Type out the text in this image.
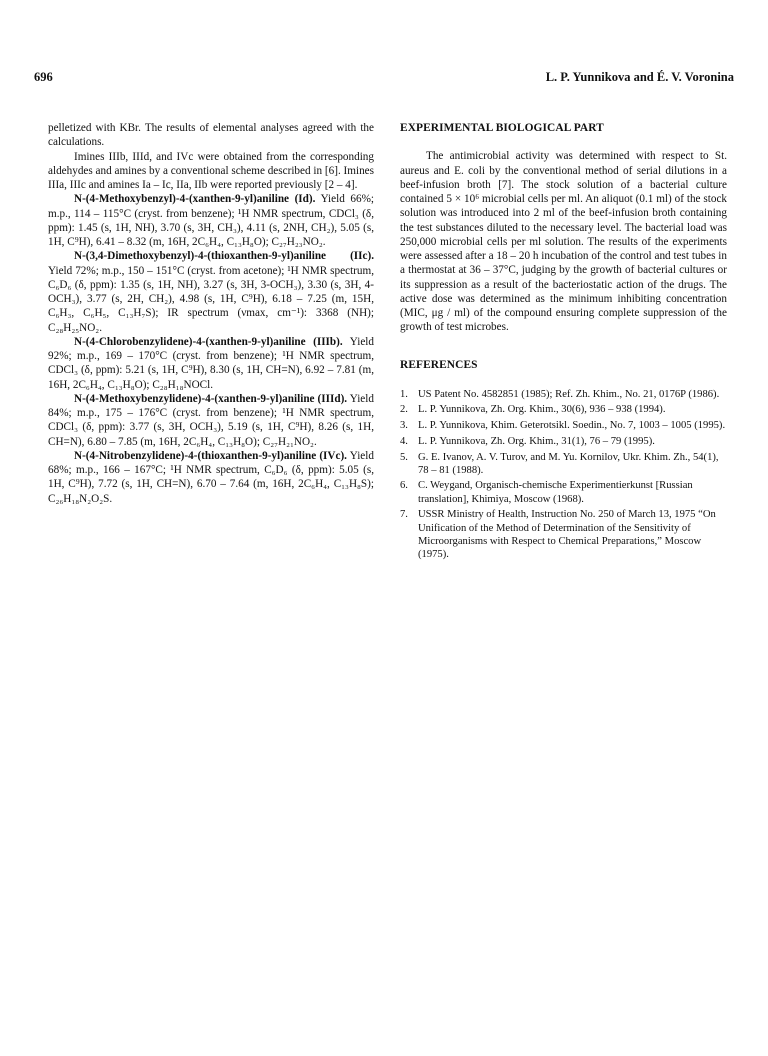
696	L. P. Yunnikova and É. V. Voronina

pelletized with KBr. The results of elemental analyses agreed with the calculations.

Imines IIIb, IIId, and IVc were obtained from the corresponding aldehydes and amines by a conventional scheme described in [6]. Imines IIIa, IIIc and amines Ia – Ic, IIa, IIb were reported previously [2 – 4].

N-(4-Methoxybenzyl)-4-(xanthen-9-yl)aniline (Id). Yield 66%; m.p., 114 – 115°C (cryst. from benzene); ¹H NMR spectrum, CDCl₃ (δ, ppm): 1.45 (s, 1H, NH), 3.70 (s, 3H, CH₃), 4.11 (s, 2NH, CH₂), 5.05 (s, 1H, C⁹H), 6.41 – 8.32 (m, 16H, 2C₆H₄, C₁₃H₈O); C₂₇H₂₃NO₂.

N-(3,4-Dimethoxybenzyl)-4-(thioxanthen-9-yl)aniline (IIc). Yield 72%; m.p., 150 – 151°C (cryst. from acetone); ¹H NMR spectrum, C₆D₆ (δ, ppm): 1.35 (s, 1H, NH), 3.27 (s, 3H, 3-OCH₃), 3.30 (s, 3H, 4-OCH₃), 3.77 (s, 2H, CH₂), 4.98 (s, 1H, C⁹H), 6.18 – 7.25 (m, 15H, C₆H₃, C₆H₅, C₁₃H₇S); IR spectrum (νmax, cm⁻¹): 3368 (NH); C₂₈H₂₅NO₂.

N-(4-Chlorobenzylidene)-4-(xanthen-9-yl)aniline (IIIb). Yield 92%; m.p., 169 – 170°C (cryst. from benzene); ¹H NMR spectrum, CDCl₃ (δ, ppm): 5.21 (s, 1H, C⁹H), 8.30 (s, 1H, CH=N), 6.92 – 7.81 (m, 16H, 2C₆H₄, C₁₃H₈O); C₂₈H₁₈NOCl.

N-(4-Methoxybenzylidene)-4-(xanthen-9-yl)aniline (IIId). Yield 84%; m.p., 175 – 176°C (cryst. from benzene); ¹H NMR spectrum, CDCl₃ (δ, ppm): 3.77 (s, 3H, OCH₃), 5.19 (s, 1H, C⁹H), 8.26 (s, 1H, CH=N), 6.80 – 7.85 (m, 16H, 2C₆H₄, C₁₃H₈O); C₂₇H₂₁NO₂.

N-(4-Nitrobenzylidene)-4-(thioxanthen-9-yl)aniline (IVc). Yield 68%; m.p., 166 – 167°C; ¹H NMR spectrum, C₆D₆ (δ, ppm): 5.05 (s, 1H, C⁹H), 7.72 (s, 1H, CH=N), 6.70 – 7.64 (m, 16H, 2C₆H₄, C₁₃H₈S); C₂₆H₁₈N₂O₂S.

EXPERIMENTAL BIOLOGICAL PART

The antimicrobial activity was determined with respect to St. aureus and E. coli by the conventional method of serial dilutions in a beef-infusion broth [7]. The stock solution of a bacterial culture contained 5 × 10⁶ microbial cells per ml. An aliquot (0.1 ml) of the stock solution was introduced into 2 ml of the beef-infusion broth containing the test substances diluted to the necessary level. The bacterial load was 250,000 microbial cells per ml solution. The results of the experiments were assessed after a 18 – 20 h incubation of the control and test tubes in a thermostat at 36 – 37°C, judging by the growth of bacterial cultures or its suppression as a result of the bacteriostatic action of the drugs. The active dose was determined as the minimum inhibiting concentration (MIC, μg / ml) of the compound ensuring complete suppression of the growth of test microbes.

REFERENCES
1. US Patent No. 4582851 (1985); Ref. Zh. Khim., No. 21, 0176P (1986).
2. L. P. Yunnikova, Zh. Org. Khim., 30(6), 936 – 938 (1994).
3. L. P. Yunnikova, Khim. Geterotsikl. Soedin., No. 7, 1003 – 1005 (1995).
4. L. P. Yunnikova, Zh. Org. Khim., 31(1), 76 – 79 (1995).
5. G. E. Ivanov, A. V. Turov, and M. Yu. Kornilov, Ukr. Khim. Zh., 54(1), 78 – 81 (1988).
6. C. Weygand, Organisch-chemische Experimentierkunst [Russian translation], Khimiya, Moscow (1968).
7. USSR Ministry of Health, Instruction No. 250 of March 13, 1975 “On Unification of the Method of Determination of the Sensitivity of Microorganisms with Respect to Chemical Preparations,” Moscow (1975).
